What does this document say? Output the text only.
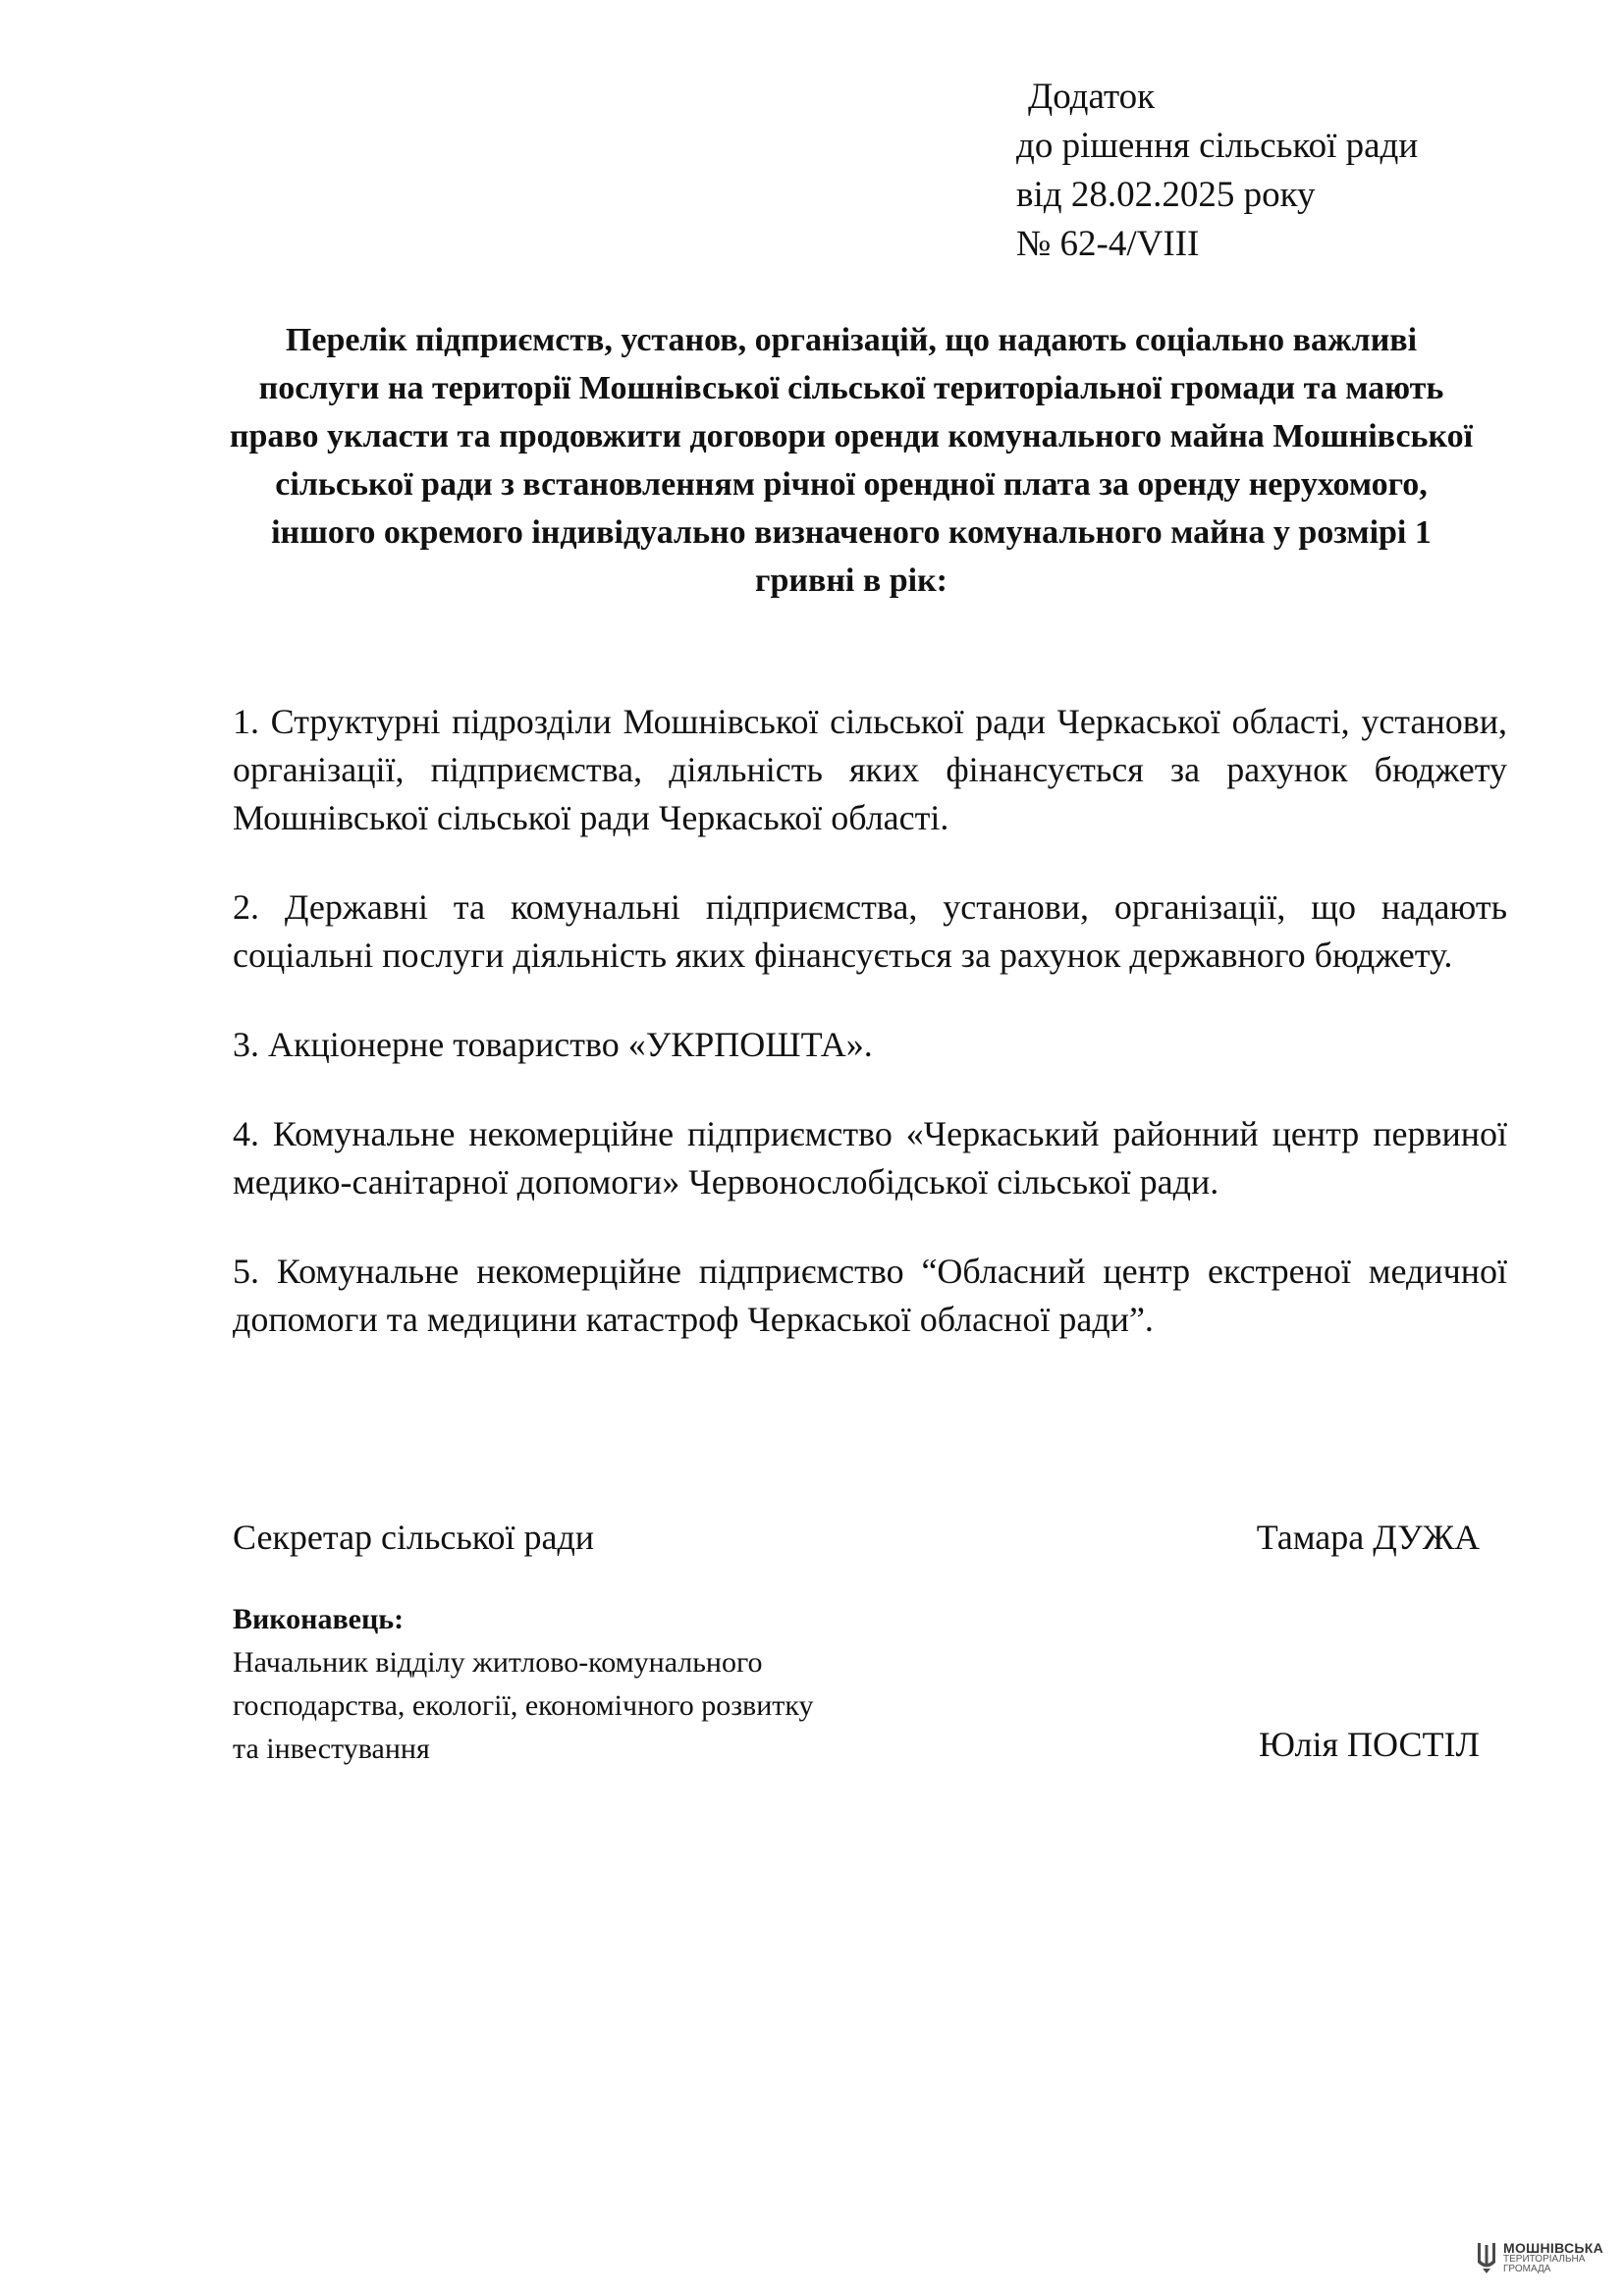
Додаток
до рішення сільської ради
від 28.02.2025 року
№ 62-4/VIII
Перелік підприємств, установ, організацій, що надають соціально важливі послуги на території Мошнівської сільської територіальної громади та мають право укласти та продовжити договори оренди комунального майна Мошнівської сільської ради з встановленням річної орендної плата за оренду нерухомого, іншого окремого індивідуально визначеного комунального майна у розмірі 1 гривні в рік:

1. Структурні підрозділи Мошнівської сільської ради Черкаської області, установи, організації, підприємства, діяльність яких фінансується за рахунок бюджету Мошнівської сільської ради Черкаської області.

2. Державні та комунальні підприємства, установи, організації, що надають соціальні послуги діяльність яких фінансується за рахунок державного бюджету.

3. Акціонерне товариство «УКРПОШТА».

4. Комунальне некомерційне підприємство «Черкаський районний центр первиної медико-санітарної допомоги» Червонослобідської сільської ради.

5. Комунальне некомерційне підприємство “Обласний центр екстреної медичної допомоги та медицини катастроф Черкаської обласної ради”.

Секретар сільської ради	Тамара ДУЖА
Виконавець:
Начальник відділу житлово-комунального
господарства, екології, економічного розвитку
та інвестування	Юлія ПОСТІЛ
МОШНІВСЬКА
ТЕРИТОРІАЛЬНА
ГРОМАДА
